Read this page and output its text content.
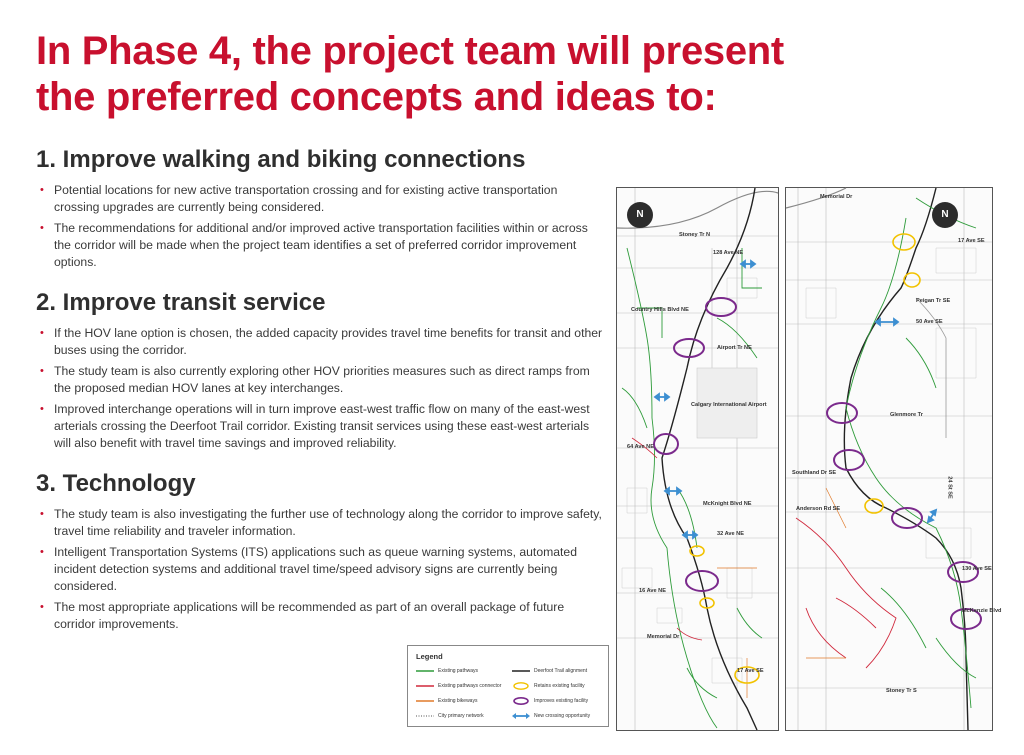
In Phase 4, the project team will present
the preferred concepts and ideas to:
1. Improve walking and biking connections
• Potential locations for new active transportation crossing and for existing active transportation crossing upgrades are currently being considered.
• The recommendations for additional and/or improved active transportation facilities within or across the corridor will be made when the project team identifies a set of preferred corridor improvement options.
2. Improve transit service
• If the HOV lane option is chosen, the added capacity provides travel time benefits for transit and other buses using the corridor.
• The study team is also currently exploring other HOV priorities measures such as direct ramps from the proposed median HOV lanes at key interchanges.
• Improved interchange operations will in turn improve east-west traffic flow on many of the east-west arterials crossing the Deerfoot Trail corridor. Existing transit services using these east-west arterials will also benefit with travel time savings and improved reliability.
3. Technology
• The study team is also investigating the further use of technology along the corridor to improve safety, travel time reliability and traveler information.
• Intelligent Transportation Systems (ITS) applications such as queue warning systems, automated incident detection systems and additional travel time/speed advisory signs are currently being considered.
• The most appropriate applications will be recommended as part of an overall package of future corridor improvements.
N
Stoney Tr N
128 Ave NE
Country Hills Blvd NE
Airport Tr NE
Calgary International Airport
64 Ave NE
McKnight Blvd NE
32 Ave NE
16 Ave NE
Memorial Dr
17 Ave SE
N
Memorial Dr
17 Ave SE
Peigan Tr SE
50 Ave SE
Glenmore Tr
Southland Dr SE
Anderson Rd SE
24 St SE
130 Ave SE
McKenzie Blvd
Stoney Tr S
Legend
Existing pathways	Deerfoot Trail alignment
Existing pathways connector	Retains existing facility
Existing bikeways	Improves existing facility
City primary network	New crossing opportunity
